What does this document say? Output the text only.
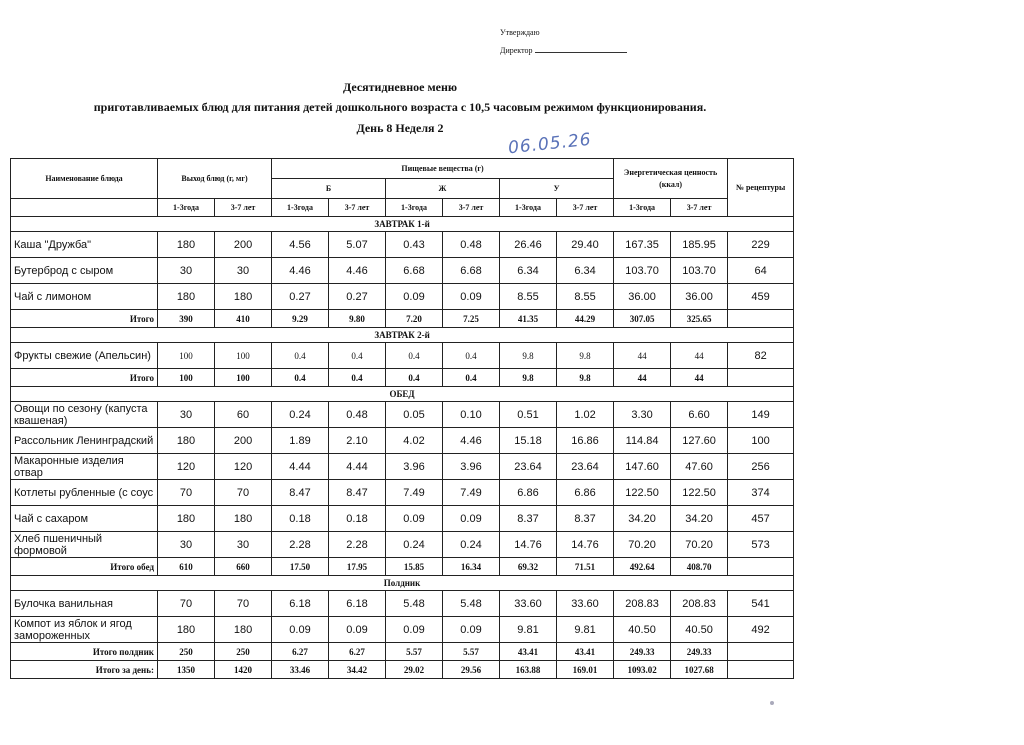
Утверждаю
Директор
Десятидневное меню
приготавливаемых блюд для питания детей дошкольного возраста с 10,5 часовым режимом функционирования.
День 8 Неделя 2
06.05.26
Наименование блюда	Выход блюд (г, мг)		Пищевые вещества (г)						Энергетическая ценность (ккал)		№ рецептуры
			Б		Ж		У				
	1-3года	3-7 лет	1-3года	3-7 лет	1-3года	3-7 лет	1-3года	3-7 лет	1-3года	3-7 лет	
ЗАВТРАК 1-й											
Каша "Дружба"	180	200	4.56	5.07	0.43	0.48	26.46	29.40	167.35	185.95	229
Бутерброд с сыром	30	30	4.46	4.46	6.68	6.68	6.34	6.34	103.70	103.70	64
Чай с лимоном	180	180	0.27	0.27	0.09	0.09	8.55	8.55	36.00	36.00	459
Итого	390	410	9.29	9.80	7.20	7.25	41.35	44.29	307.05	325.65	
ЗАВТРАК 2-й											
Фрукты свежие (Апельсин)	100	100	0.4	0.4	0.4	0.4	9.8	9.8	44	44	82
Итого	100	100	0.4	0.4	0.4	0.4	9.8	9.8	44	44	
ОБЕД											
Овощи по сезону (капуста квашеная)	30	60	0.24	0.48	0.05	0.10	0.51	1.02	3.30	6.60	149
Рассольник Ленинградский	180	200	1.89	2.10	4.02	4.46	15.18	16.86	114.84	127.60	100
Макаронные изделия отвар	120	120	4.44	4.44	3.96	3.96	23.64	23.64	147.60	47.60	256
Котлеты рубленные (с соус	70	70	8.47	8.47	7.49	7.49	6.86	6.86	122.50	122.50	374
Чай с сахаром	180	180	0.18	0.18	0.09	0.09	8.37	8.37	34.20	34.20	457
Хлеб пшеничный формовой	30	30	2.28	2.28	0.24	0.24	14.76	14.76	70.20	70.20	573
Итого обед	610	660	17.50	17.95	15.85	16.34	69.32	71.51	492.64	408.70	
Полдник											
Булочка ванильная	70	70	6.18	6.18	5.48	5.48	33.60	33.60	208.83	208.83	541
Компот из яблок и ягод замороженных	180	180	0.09	0.09	0.09	0.09	9.81	9.81	40.50	40.50	492
Итого полдник	250	250	6.27	6.27	5.57	5.57	43.41	43.41	249.33	249.33	
Итого за день:	1350	1420	33.46	34.42	29.02	29.56	163.88	169.01	1093.02	1027.68	
